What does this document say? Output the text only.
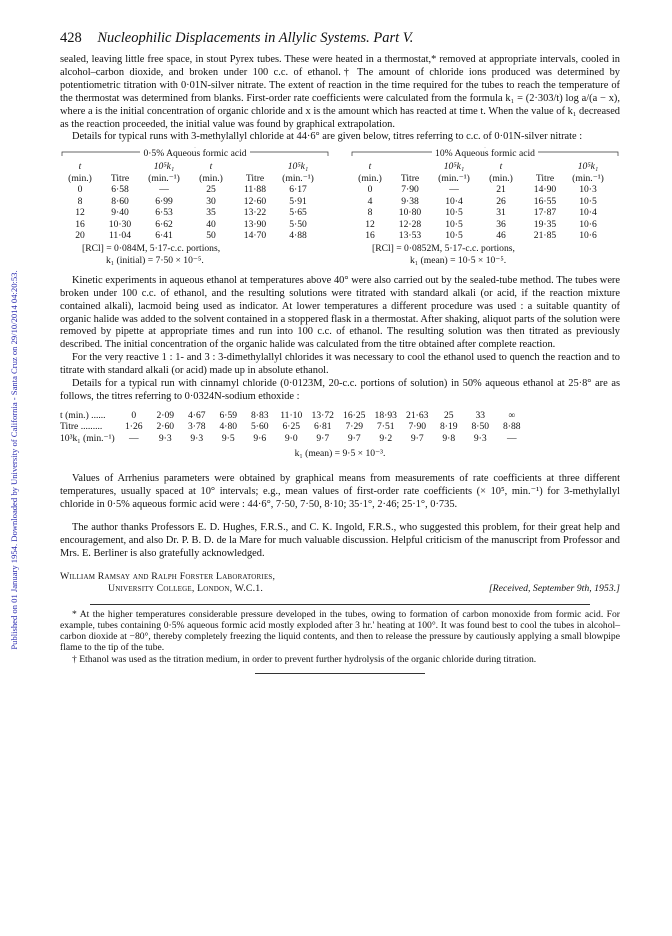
Published on 01 January 1954. Downloaded by University of California - Santa Cruz on 29/10/2014 04:20:53.
428 Nucleophilic Displacements in Allylic Systems. Part V.

sealed, leaving little free space, in stout Pyrex tubes. These were heated in a thermostat,* removed at appropriate intervals, cooled in alcohol–carbon dioxide, and broken under 100 c.c. of ethanol.† The amount of chloride ions produced was determined by potentiometric titration with 0·01N-silver nitrate. The extent of reaction in the time required for the tubes to reach the temperature of the thermostat was determined from blanks. First-order rate coefficients were calculated from the formula k₁ = (2·303/t) log a/(a − x), where a is the initial concentration of organic chloride and x is the amount which has reacted at time t. When the value of k₁ decreased as the reaction proceeded, the initial value was found by graphical extrapolation.

Details for typical runs with 3-methylallyl chloride at 44·6° are given below, titres referring to c.c. of 0·01N-silver nitrate :

0·5% Aqueous formic acid
t	10⁵k₁	t	10⁵k₁
(min.)	Titre	(min.⁻¹)	(min.)	Titre	(min.⁻¹)
0	6·58	—	25	11·88	6·17
8	8·60	6·99	30	12·60	5·91
12	9·40	6·53	35	13·22	5·65
16	10·30	6·62	40	13·90	5·50
20	11·04	6·41	50	14·70	4·88
[RCl] = 0·084M, 5·17-c.c. portions,
k₁ (initial) = 7·50 × 10⁻⁵.
10% Aqueous formic acid
t	10⁵k₁	t	10⁵k₁
(min.)	Titre	(min.⁻¹)	(min.)	Titre	(min.⁻¹)
0	7·90	—	21	14·90	10·3
4	9·38	10·4	26	16·55	10·5
8	10·80	10·5	31	17·87	10·4
12	12·28	10·5	36	19·35	10·6
16	13·53	10·5	46	21·85	10·6
[RCl] = 0·0852M, 5·17-c.c. portions,
k₁ (mean) = 10·5 × 10⁻⁵.

Kinetic experiments in aqueous ethanol at temperatures above 40° were also carried out by the sealed-tube method. The tubes were broken under 100 c.c. of ethanol, and the resulting solutions were titrated with standard alkali (or acid, if the reaction mixture contained alkali), lacmoid being used as indicator. At lower temperatures a different procedure was used : a suitable quantity of organic halide was added to the solvent contained in a stoppered flask in a thermostat. After shaking, aliquot parts of the solution were removed by pipette at appropriate times and run into 100 c.c. of ethanol. The resulting solution was then titrated as previously described. The initial concentration of the organic halide was calculated from the titre obtained after complete reaction.

For the very reactive 1 : 1- and 3 : 3-dimethylallyl chlorides it was necessary to cool the ethanol used to quench the reaction and to titrate with standard alkali (or acid) made up in absolute ethanol.

Details for a typical run with cinnamyl chloride (0·0123M, 20-c.c. portions of solution) in 50% aqueous ethanol at 25·8° are as follows, the titres referring to 0·0324N-sodium ethoxide :

t (min.) ......	0	2·09	4·67	6·59	8·83	11·10 13·72 16·25 18·93 21·63	25	33	∞
Titre .........	1·26	2·60	3·78	4·80	5·60	6·25	6·81	7·29	7·51	7·90	8·19	8·50	8·88
10³k₁ (min.⁻¹)	—	9·3	9·3	9·5	9·6	9·0	9·7	9·7	9·2	9·7	9·8	9·3	—
k₁ (mean) = 9·5 × 10⁻³.

Values of Arrhenius parameters were obtained by graphical means from measurements of rate coefficients at three different temperatures, usually spaced at 10° intervals; e.g., mean values of first-order rate coefficients (× 10⁵, min.⁻¹) for 3-methylallyl chloride in 0·5% aqueous formic acid were : 44·6°, 7·50, 7·50, 8·10; 35·1°, 2·46; 25·1°, 0·735.

The author thanks Professors E. D. Hughes, F.R.S., and C. K. Ingold, F.R.S., who suggested this problem, for their great help and encouragement, and also Dr. P. B. D. de la Mare for much valuable discussion. Helpful criticism of the manuscript from Professor and Mrs. E. Berliner is also gratefully acknowledged.

William Ramsay and Ralph Forster Laboratories,
University College, London, W.C.1.	[Received, September 9th, 1953.]

* At the higher temperatures considerable pressure developed in the tubes, owing to formation of carbon monoxide from formic acid. For example, tubes containing 0·5% aqueous formic acid mostly exploded after 3 hr.' heating at 100°. It was found best to cool the tubes in alcohol–carbon dioxide at −80°, thereby completely freezing the liquid contents, and then to release the pressure by cautiously applying a small blowpipe flame to the tip of the tube.

† Ethanol was used as the titration medium, in order to prevent further hydrolysis of the organic chloride during titration.
